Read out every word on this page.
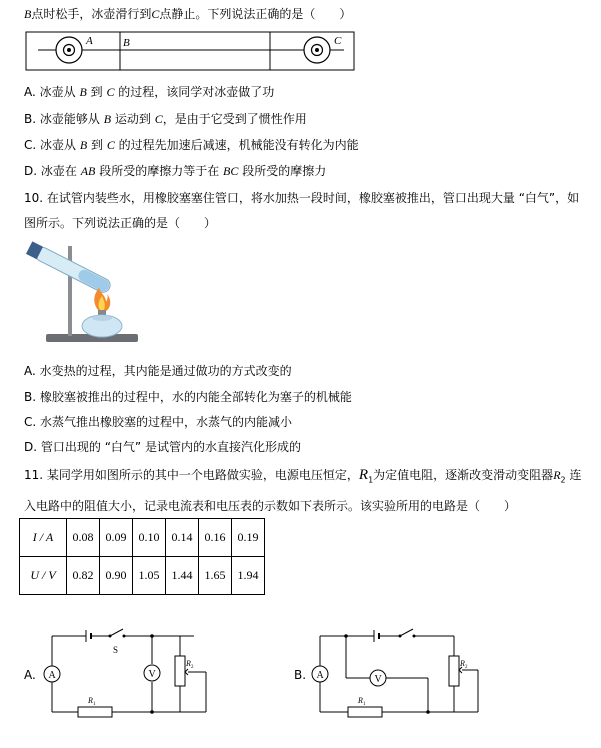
B点时松手，冰壶滑行到C点静止。下列说法正确的是（　　）
A	B	C
A. 冰壶从 B 到 C 的过程，该同学对冰壶做了功
B. 冰壶能够从 B 运动到 C，是由于它受到了惯性作用
C. 冰壶从 B 到 C 的过程先加速后减速，机械能没有转化为内能
D. 冰壶在 AB 段所受的摩擦力等于在 BC 段所受的摩擦力
10. 在试管内装些水，用橡胶塞塞住管口，将水加热一段时间，橡胶塞被推出，管口出现大量 “白气”，如
图所示。下列说法正确的是（　　）
A. 水变热的过程，其内能是通过做功的方式改变的
B. 橡胶塞被推出的过程中，水的内能全部转化为塞子的机械能
C. 水蒸气推出橡胶塞的过程中，水蒸气的内能减小
D. 管口出现的 “白气” 是试管内的水直接汽化形成的
11. 某同学用如图所示的其中一个电路做实验，电源电压恒定，$R_1$为定值电阻，逐渐改变滑动变阻器$R_2$ 连
入电路中的阻值大小，记录电流表和电压表的示数如下表所示。该实验所用的电路是（　　）
I / A	0.08	0.09	0.10	0.14	0.16	0.19
U / V	0.82	0.90	1.05	1.44	1.65	1.94
A. A	V
S
R 1
R 2
B. A	V
R 1
R 2
